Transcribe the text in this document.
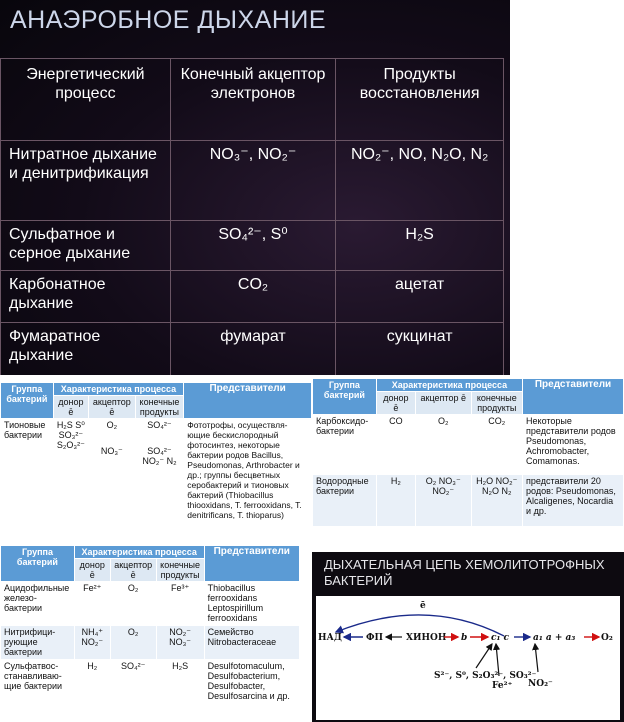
АНАЭРОБНОЕ ДЫХАНИЕ
Энергетический процесс	Конечный акцептор электронов	Продукты восстановления
Нитратное дыхание и денитрификация	NO₃⁻, NO₂⁻	NO₂⁻, NO, N₂O, N₂
Сульфатное и серное дыхание	SO₄²⁻, S⁰	H₂S
Карбонатное дыхание	CO₂	ацетат
Фумаратное дыхание	фумарат	сукцинат
Группа бактерий	Характеристика процесса			Представители
	донор ē	акцептор ē	конечные продукты	
Тионовые бактерии	H₂S S⁰ SO₃²⁻ S₂O₃²⁻	O₂	SO₄²⁻	Фототрофы, осуществля-ющие бескислородный фотосинтез, некоторые бактерии родов Bacillus, Pseudomonas, Arthrobacter и др.; группы бесцветных серобактерий и тионовых бактерий (Thiobacillus thiooxidans, T. ferrooxidans, T. denitrificans, T. thioparus)
		NO₃⁻	SO₄²⁻ NO₂⁻ N₂	
Группа бактерий	Характеристика процесса			Представители
	донор ē	акцептор ē	конечные продукты	
Карбоксидо-бактерии	CO	O₂	CO₂	Некоторые представители родов Pseudomonas, Achromobacter, Comamonas.
Водородные бактерии	H₂	O₂ NO₃⁻ NO₂⁻	H₂O NO₂⁻ N₂O N₂	представители 20 родов: Pseudomonas, Alcaligenes, Nocardia и др.
Группа бактерий	Характеристика процесса			Представители
	донор ē	акцептор ē	конечные продукты	
Ацидофильные железо-бактерии	Fe²⁺	O₂	Fe³⁺	Thiobacillus ferrooxidans Leptospirillum ferrooxidans
Нитрифици-рующие бактерии	NH₄⁺ NO₂⁻	O₂	NO₂⁻ NO₃⁻	Семейство Nitrobacteraceae
Сульфатвос-станавливаю-щие бактерии	H₂	SO₄²⁻	H₂S	Desulfotomaculum, Desulfobacterium, Desulfobacter, Desulfosarcina и др.
ДЫХАТЕЛЬНАЯ ЦЕПЬ ХЕМОЛИТОТРОФНЫХ БАКТЕРИЙ
ē
НАД	ФП	ХИНОН b	c₁ c	a₁ a + a₃	O₂
S²⁻, S⁰, S₂O₃²⁻, SO₃²⁻
Fe²⁺ NO₂⁻
